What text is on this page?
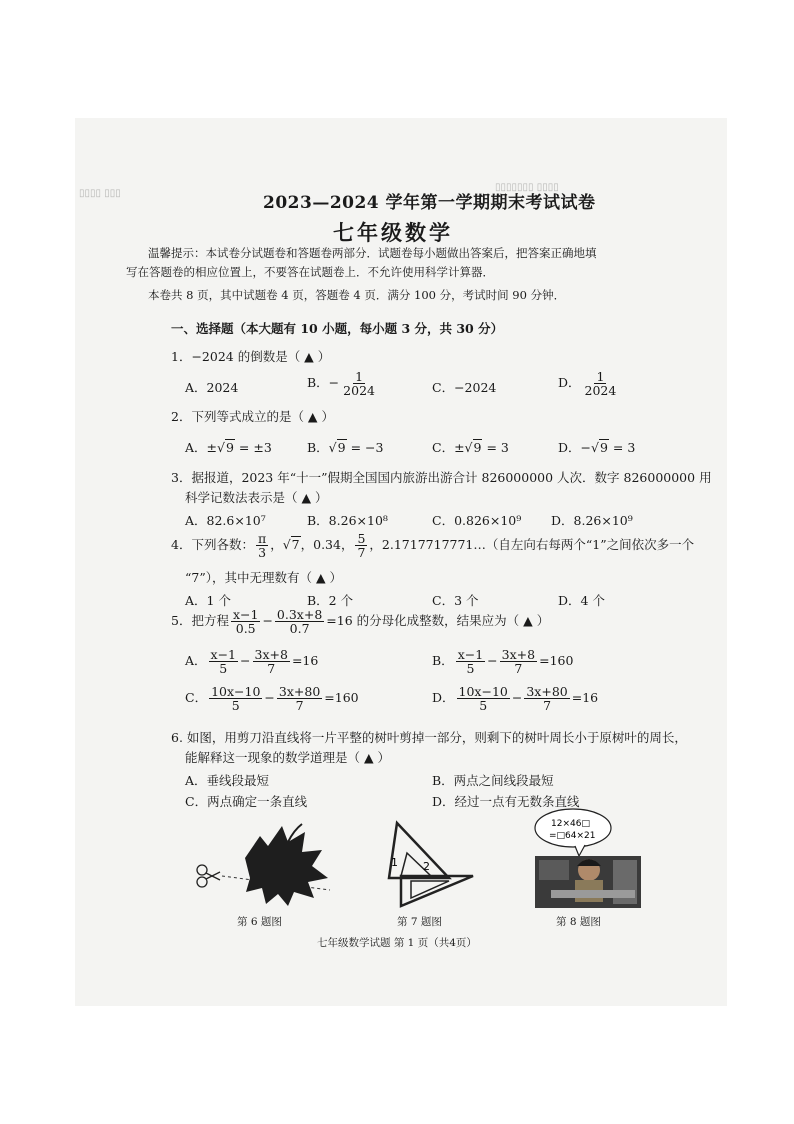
▯▯▯▯ ▯▯▯
▯▯▯▯▯▯▯ ▯▯▯▯
2023—2024 学年第一学期期末考试试卷
七年级数学
温馨提示：本试卷分试题卷和答题卷两部分．试题卷每小题做出答案后，把答案正确地填
写在答题卷的相应位置上，不要答在试题卷上．不允许使用科学计算器．
本卷共 8 页，其中试题卷 4 页，答题卷 4 页．满分 100 分，考试时间 90 分钟．
一、选择题（本大题有 10 小题，每小题 3 分，共 30 分）
1．−2024 的倒数是（ ▲ ）
A．2024	B．− $\frac{1}{2024}$	C．−2024	D． $\frac{1}{2024}$
2．下列等式成立的是（ ▲ ）
A．±√9 = ±3	B．√9 = −3	C．±√9 = 3	D．−√9 = 3
3．据报道，2023 年“十一”假期全国国内旅游出游合计 826000000 人次．数字 826000000 用
科学记数法表示是（ ▲ ）
A．82.6×10⁷	B．8.26×10⁸	C．0.826×10⁹ D．8.26×10⁹
4．下列各数： $\frac{\pi}{3}$ ，√7，0.34， $\frac{5}{7}$ ，2.1717717771…（自左向右每两个“1”之间依次多一个
“7”），其中无理数有（ ▲ ）
A．1 个	B．2 个	C．3 个	D．4 个
5．把方程 $\frac{x-1}{0.5} - \frac{0.3x+8}{0.7} =16$ 的分母化成整数，结果应为（ ▲ ）
A． $\frac{x-1}{5} - \frac{3x+8}{7} =16$	B． $\frac{x-1}{5} - \frac{3x+8}{7} =160$
C． $\frac{10x-10}{5} - \frac{3x+80}{7} =160$	D． $\frac{10x-10}{5} - \frac{3x+80}{7} =16$
6. 如图，用剪刀沿直线将一片平整的树叶剪掉一部分，则剩下的树叶周长小于原树叶的周长，
能解释这一现象的数学道理是（ ▲ ）
A．垂线段最短	B．两点之间线段最短
C．两点确定一条直线	D．经过一点有无数条直线
第 6 题图
1 2
第 7 题图
12×46□
=□64×21
第 8 题图
七年级数学试题 第 1 页（共4页）
